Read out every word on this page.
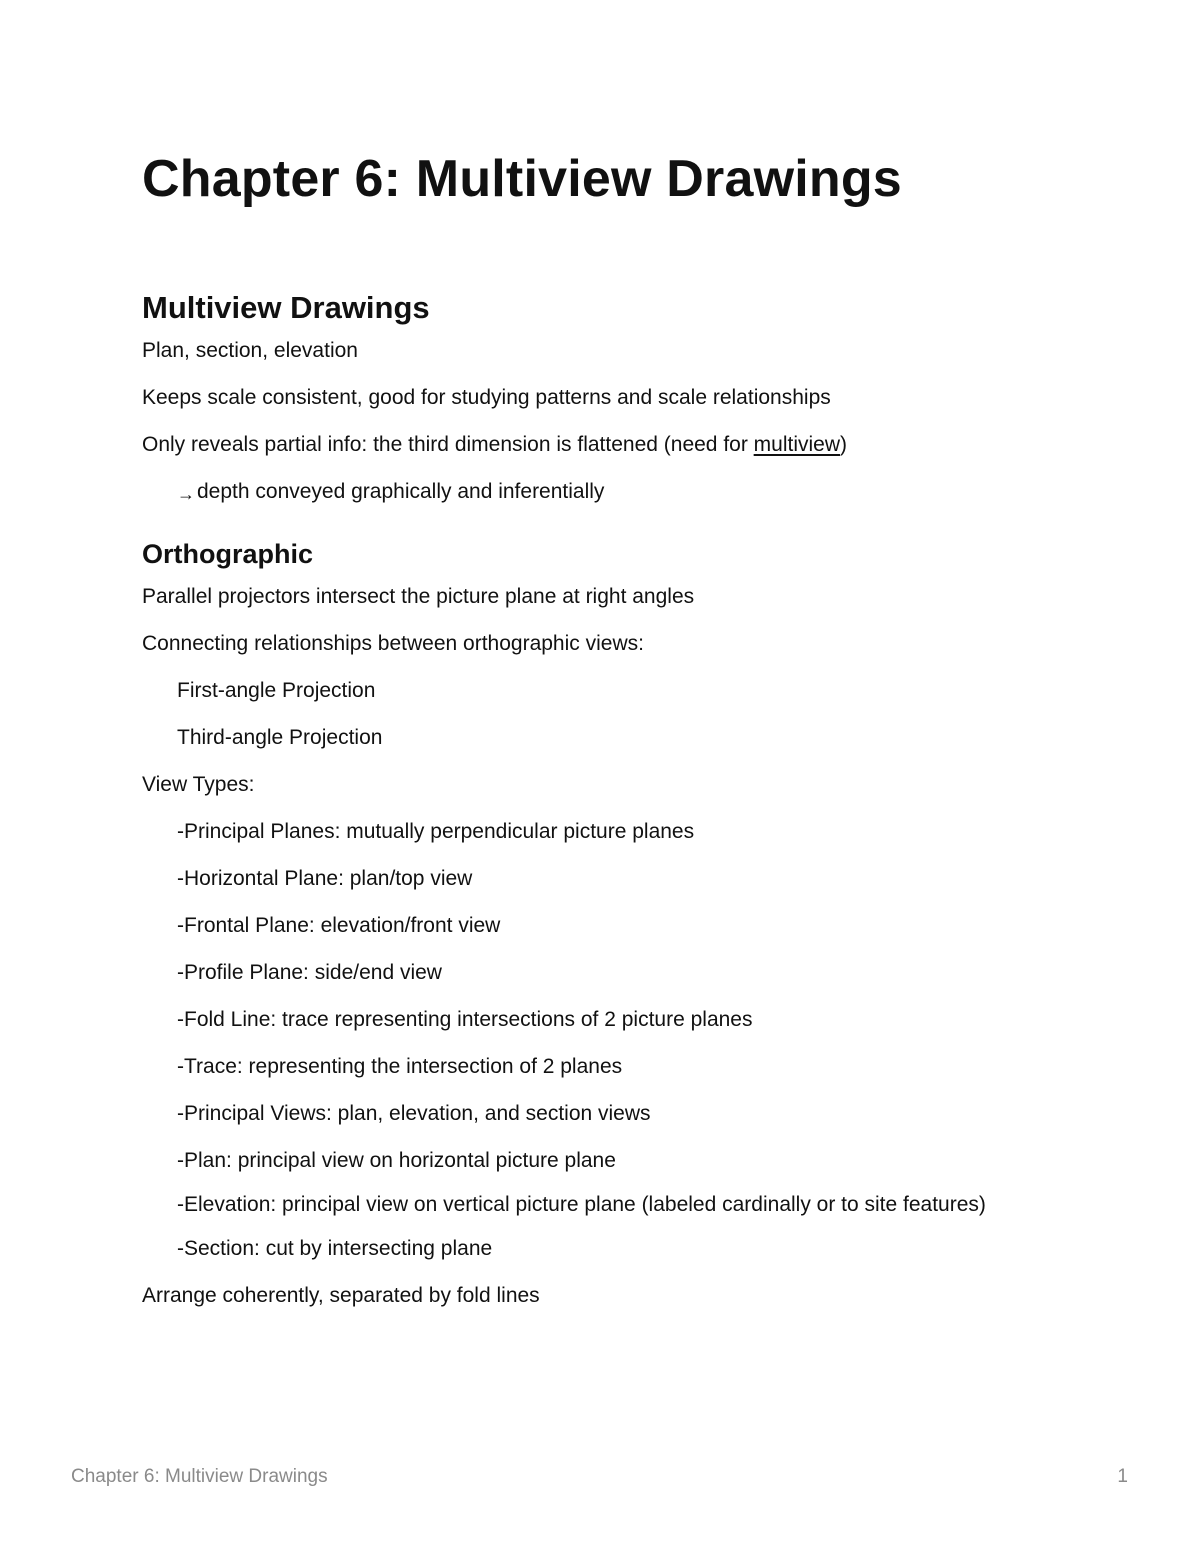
Chapter 6: Multiview Drawings
Multiview Drawings

Plan, section, elevation

Keeps scale consistent, good for studying patterns and scale relationships

Only reveals partial info: the third dimension is flattened (need for multiview)

→depth conveyed graphically and inferentially

Orthographic

Parallel projectors intersect the picture plane at right angles

Connecting relationships between orthographic views:

First-angle Projection

Third-angle Projection

View Types:

-Principal Planes: mutually perpendicular picture planes

-Horizontal Plane: plan/top view

-Frontal Plane: elevation/front view

-Profile Plane: side/end view

-Fold Line: trace representing intersections of 2 picture planes

-Trace: representing the intersection of 2 planes

-Principal Views: plan, elevation, and section views

-Plan: principal view on horizontal picture plane

-Elevation: principal view on vertical picture plane (labeled cardinally or to site features)

-Section: cut by intersecting plane

Arrange coherently, separated by fold lines

Chapter 6: Multiview Drawings	1
